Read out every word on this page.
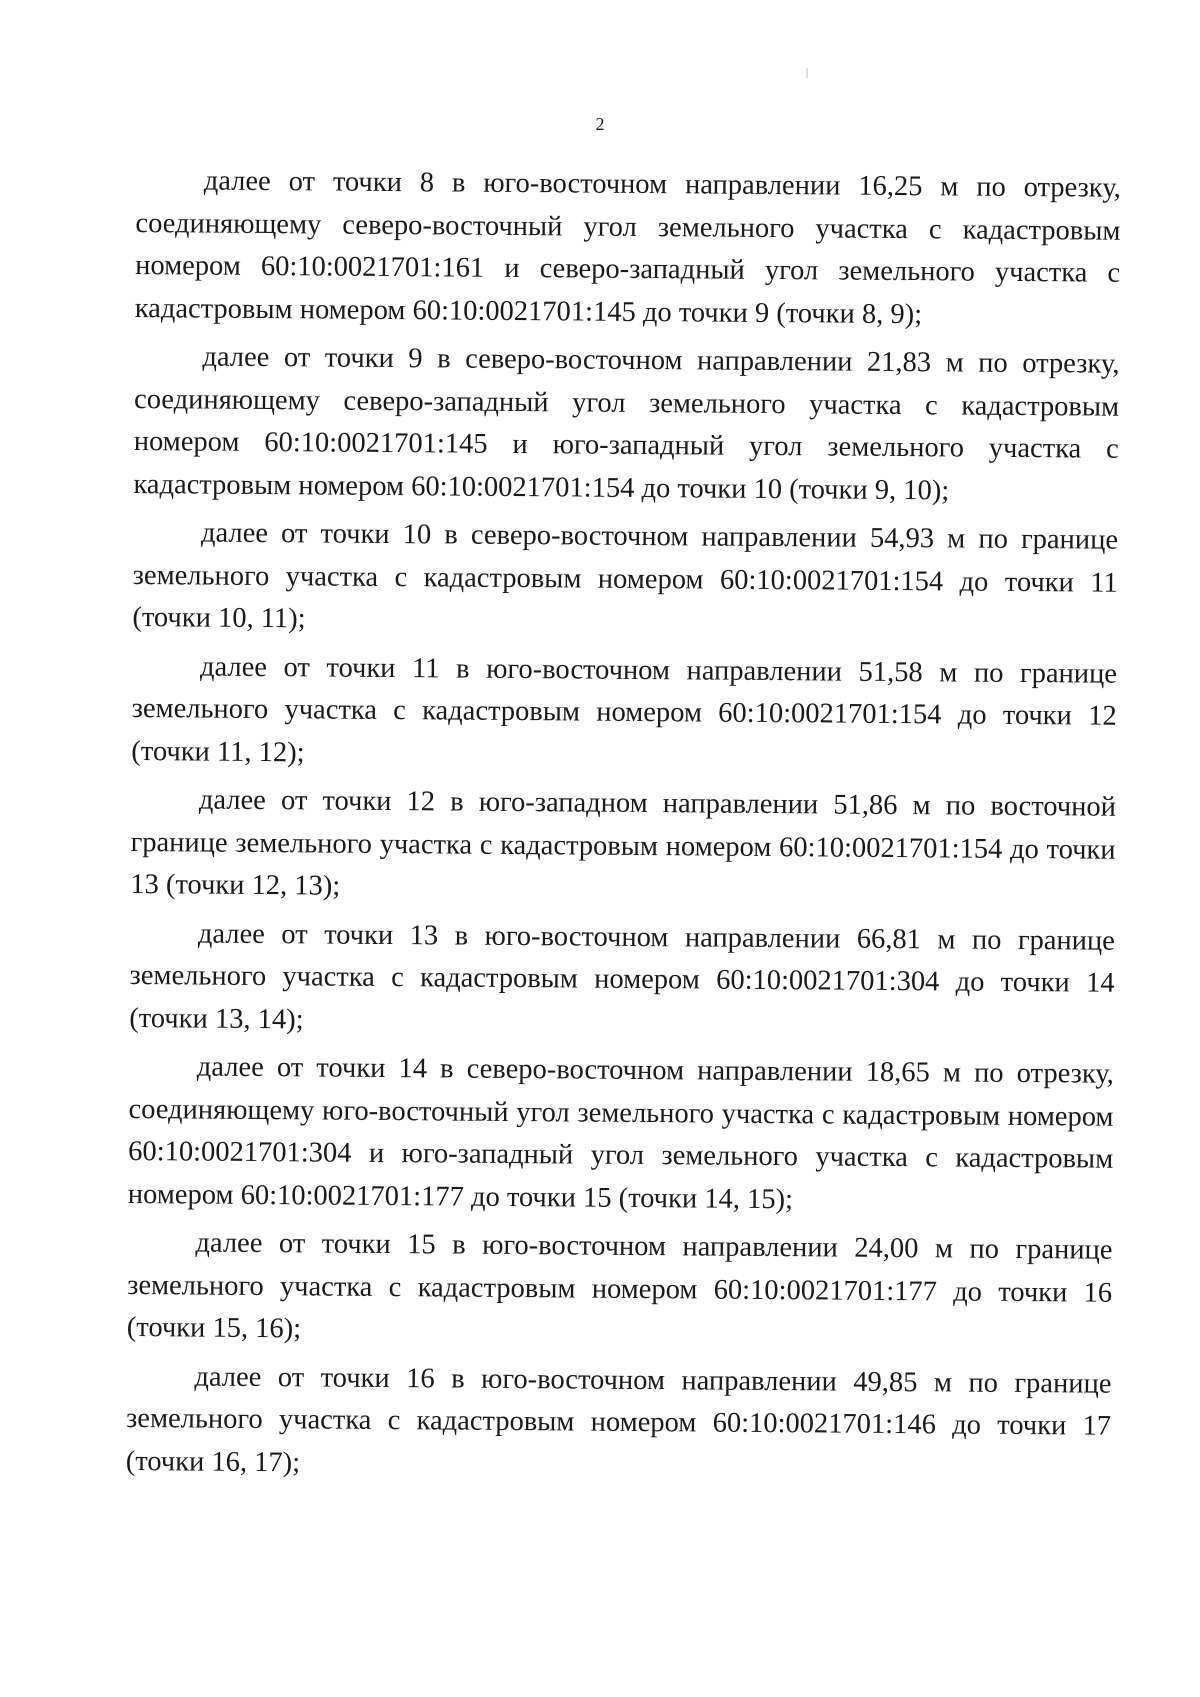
2

далее от точки 8 в юго-восточном направлении 16,25 м по отрезку, соединяющему северо-восточный угол земельного участка с кадастровым номером 60:10:0021701:161 и северо-западный угол земельного участка с кадастровым номером 60:10:0021701:145 до точки 9 (точки 8, 9);

далее от точки 9 в северо-восточном направлении 21,83 м по отрезку, соединяющему северо-западный угол земельного участка с кадастровым номером 60:10:0021701:145 и юго-западный угол земельного участка с кадастровым номером 60:10:0021701:154 до точки 10 (точки 9, 10);

далее от точки 10 в северо-восточном направлении 54,93 м по границе земельного участка с кадастровым номером 60:10:0021701:154 до точки 11 (точки 10, 11);

далее от точки 11 в юго-восточном направлении 51,58 м по границе земельного участка с кадастровым номером 60:10:0021701:154 до точки 12 (точки 11, 12);

далее от точки 12 в юго-западном направлении 51,86 м по восточной границе земельного участка с кадастровым номером 60:10:0021701:154 до точки 13 (точки 12, 13);

далее от точки 13 в юго-восточном направлении 66,81 м по границе земельного участка с кадастровым номером 60:10:0021701:304 до точки 14 (точки 13, 14);

далее от точки 14 в северо-восточном направлении 18,65 м по отрезку, соединяющему юго-восточный угол земельного участка с кадастровым номером 60:10:0021701:304 и юго-западный угол земельного участка с кадастровым номером 60:10:0021701:177 до точки 15 (точки 14, 15);

далее от точки 15 в юго-восточном направлении 24,00 м по границе земельного участка с кадастровым номером 60:10:0021701:177 до точки 16 (точки 15, 16);

далее от точки 16 в юго-восточном направлении 49,85 м по границе земельного участка с кадастровым номером 60:10:0021701:146 до точки 17 (точки 16, 17);
